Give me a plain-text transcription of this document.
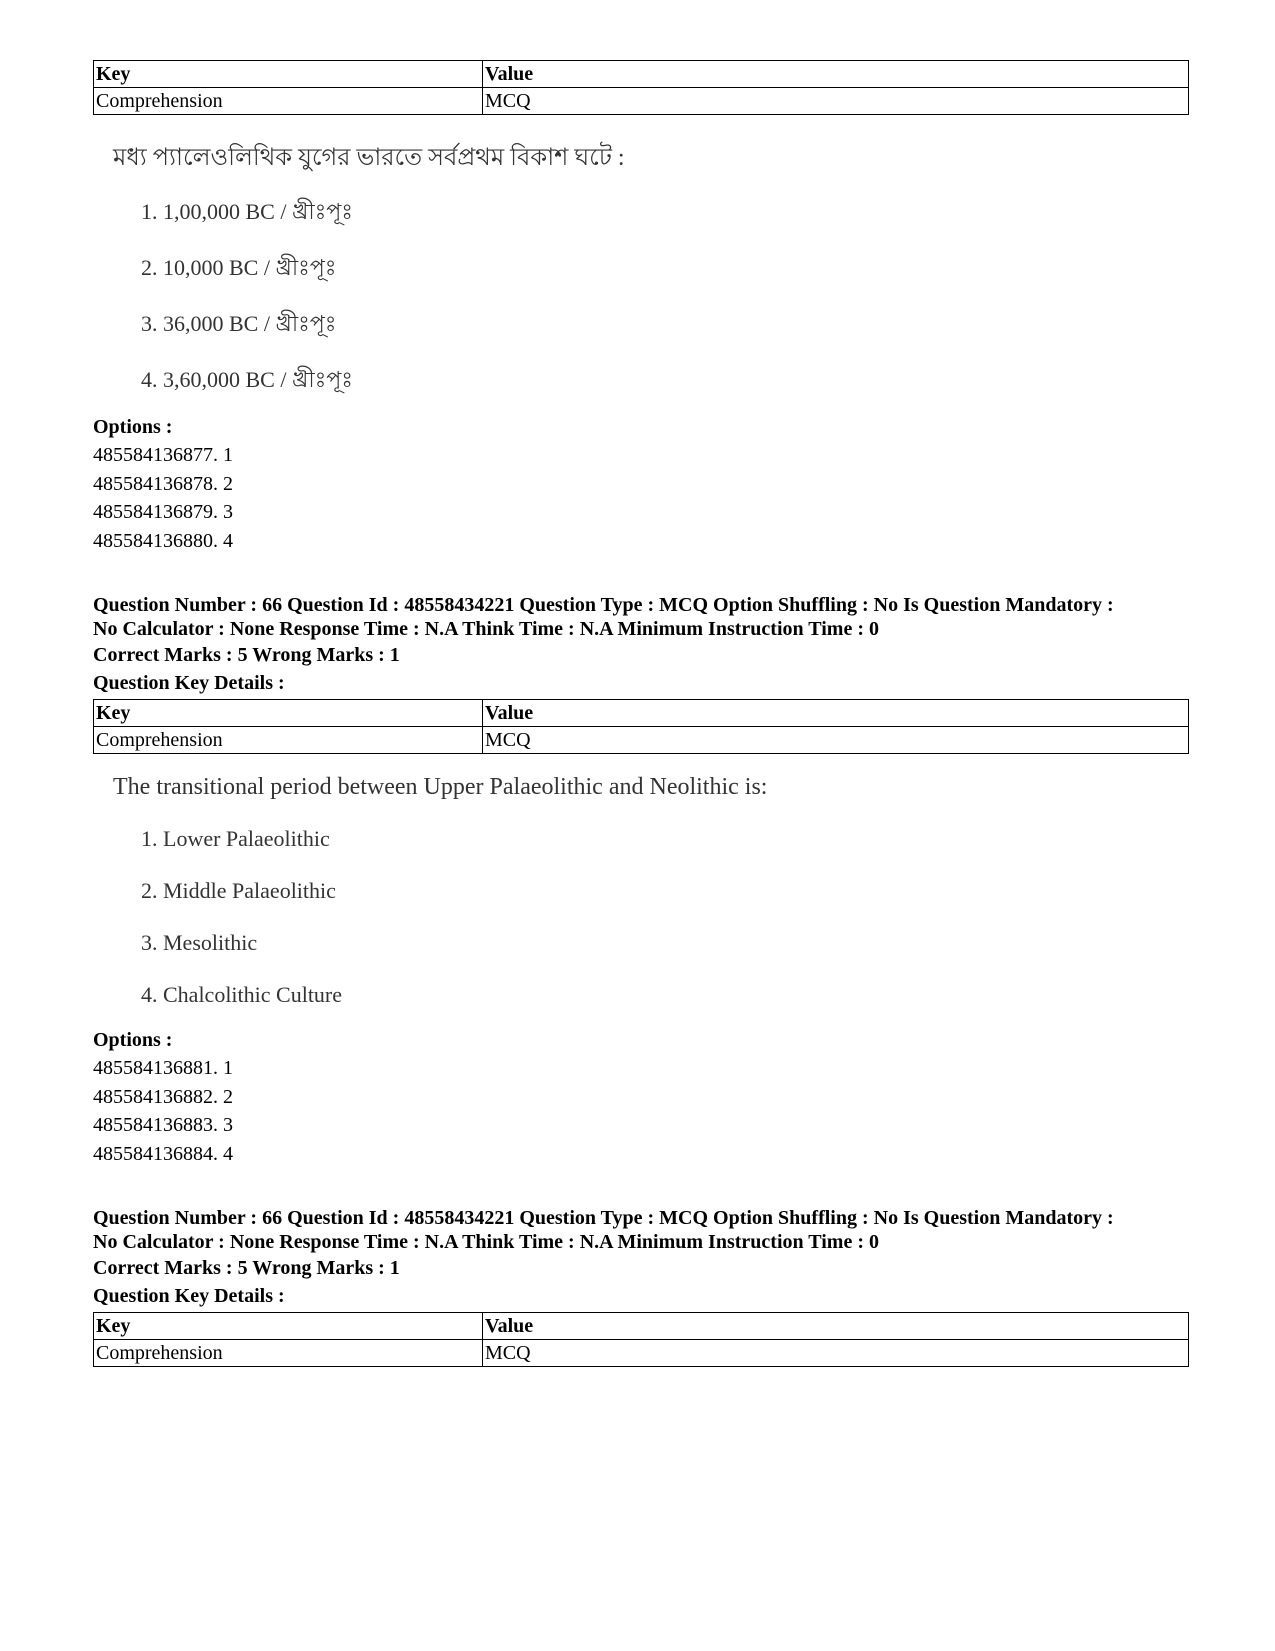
Key	Value
Comprehension	MCQ
মধ্য প্যালেওলিথিক যুগের ভারতে সর্বপ্রথম বিকাশ ঘটে :
1. 1,00,000 BC / খ্রীঃপূঃ
2. 10,000 BC / খ্রীঃপূঃ
3. 36,000 BC / খ্রীঃপূঃ
4. 3,60,000 BC / খ্রীঃপূঃ
Options :
485584136877. 1
485584136878. 2
485584136879. 3
485584136880. 4
Question Number : 66 Question Id : 48558434221 Question Type : MCQ Option Shuffling : No Is Question Mandatory :
No Calculator : None Response Time : N.A Think Time : N.A Minimum Instruction Time : 0
Correct Marks : 5 Wrong Marks : 1
Question Key Details :
Key	Value
Comprehension	MCQ
The transitional period between Upper Palaeolithic and Neolithic is:
1. Lower Palaeolithic
2. Middle Palaeolithic
3. Mesolithic
4. Chalcolithic Culture
Options :
485584136881. 1
485584136882. 2
485584136883. 3
485584136884. 4
Question Number : 66 Question Id : 48558434221 Question Type : MCQ Option Shuffling : No Is Question Mandatory :
No Calculator : None Response Time : N.A Think Time : N.A Minimum Instruction Time : 0
Correct Marks : 5 Wrong Marks : 1
Question Key Details :
Key	Value
Comprehension	MCQ
